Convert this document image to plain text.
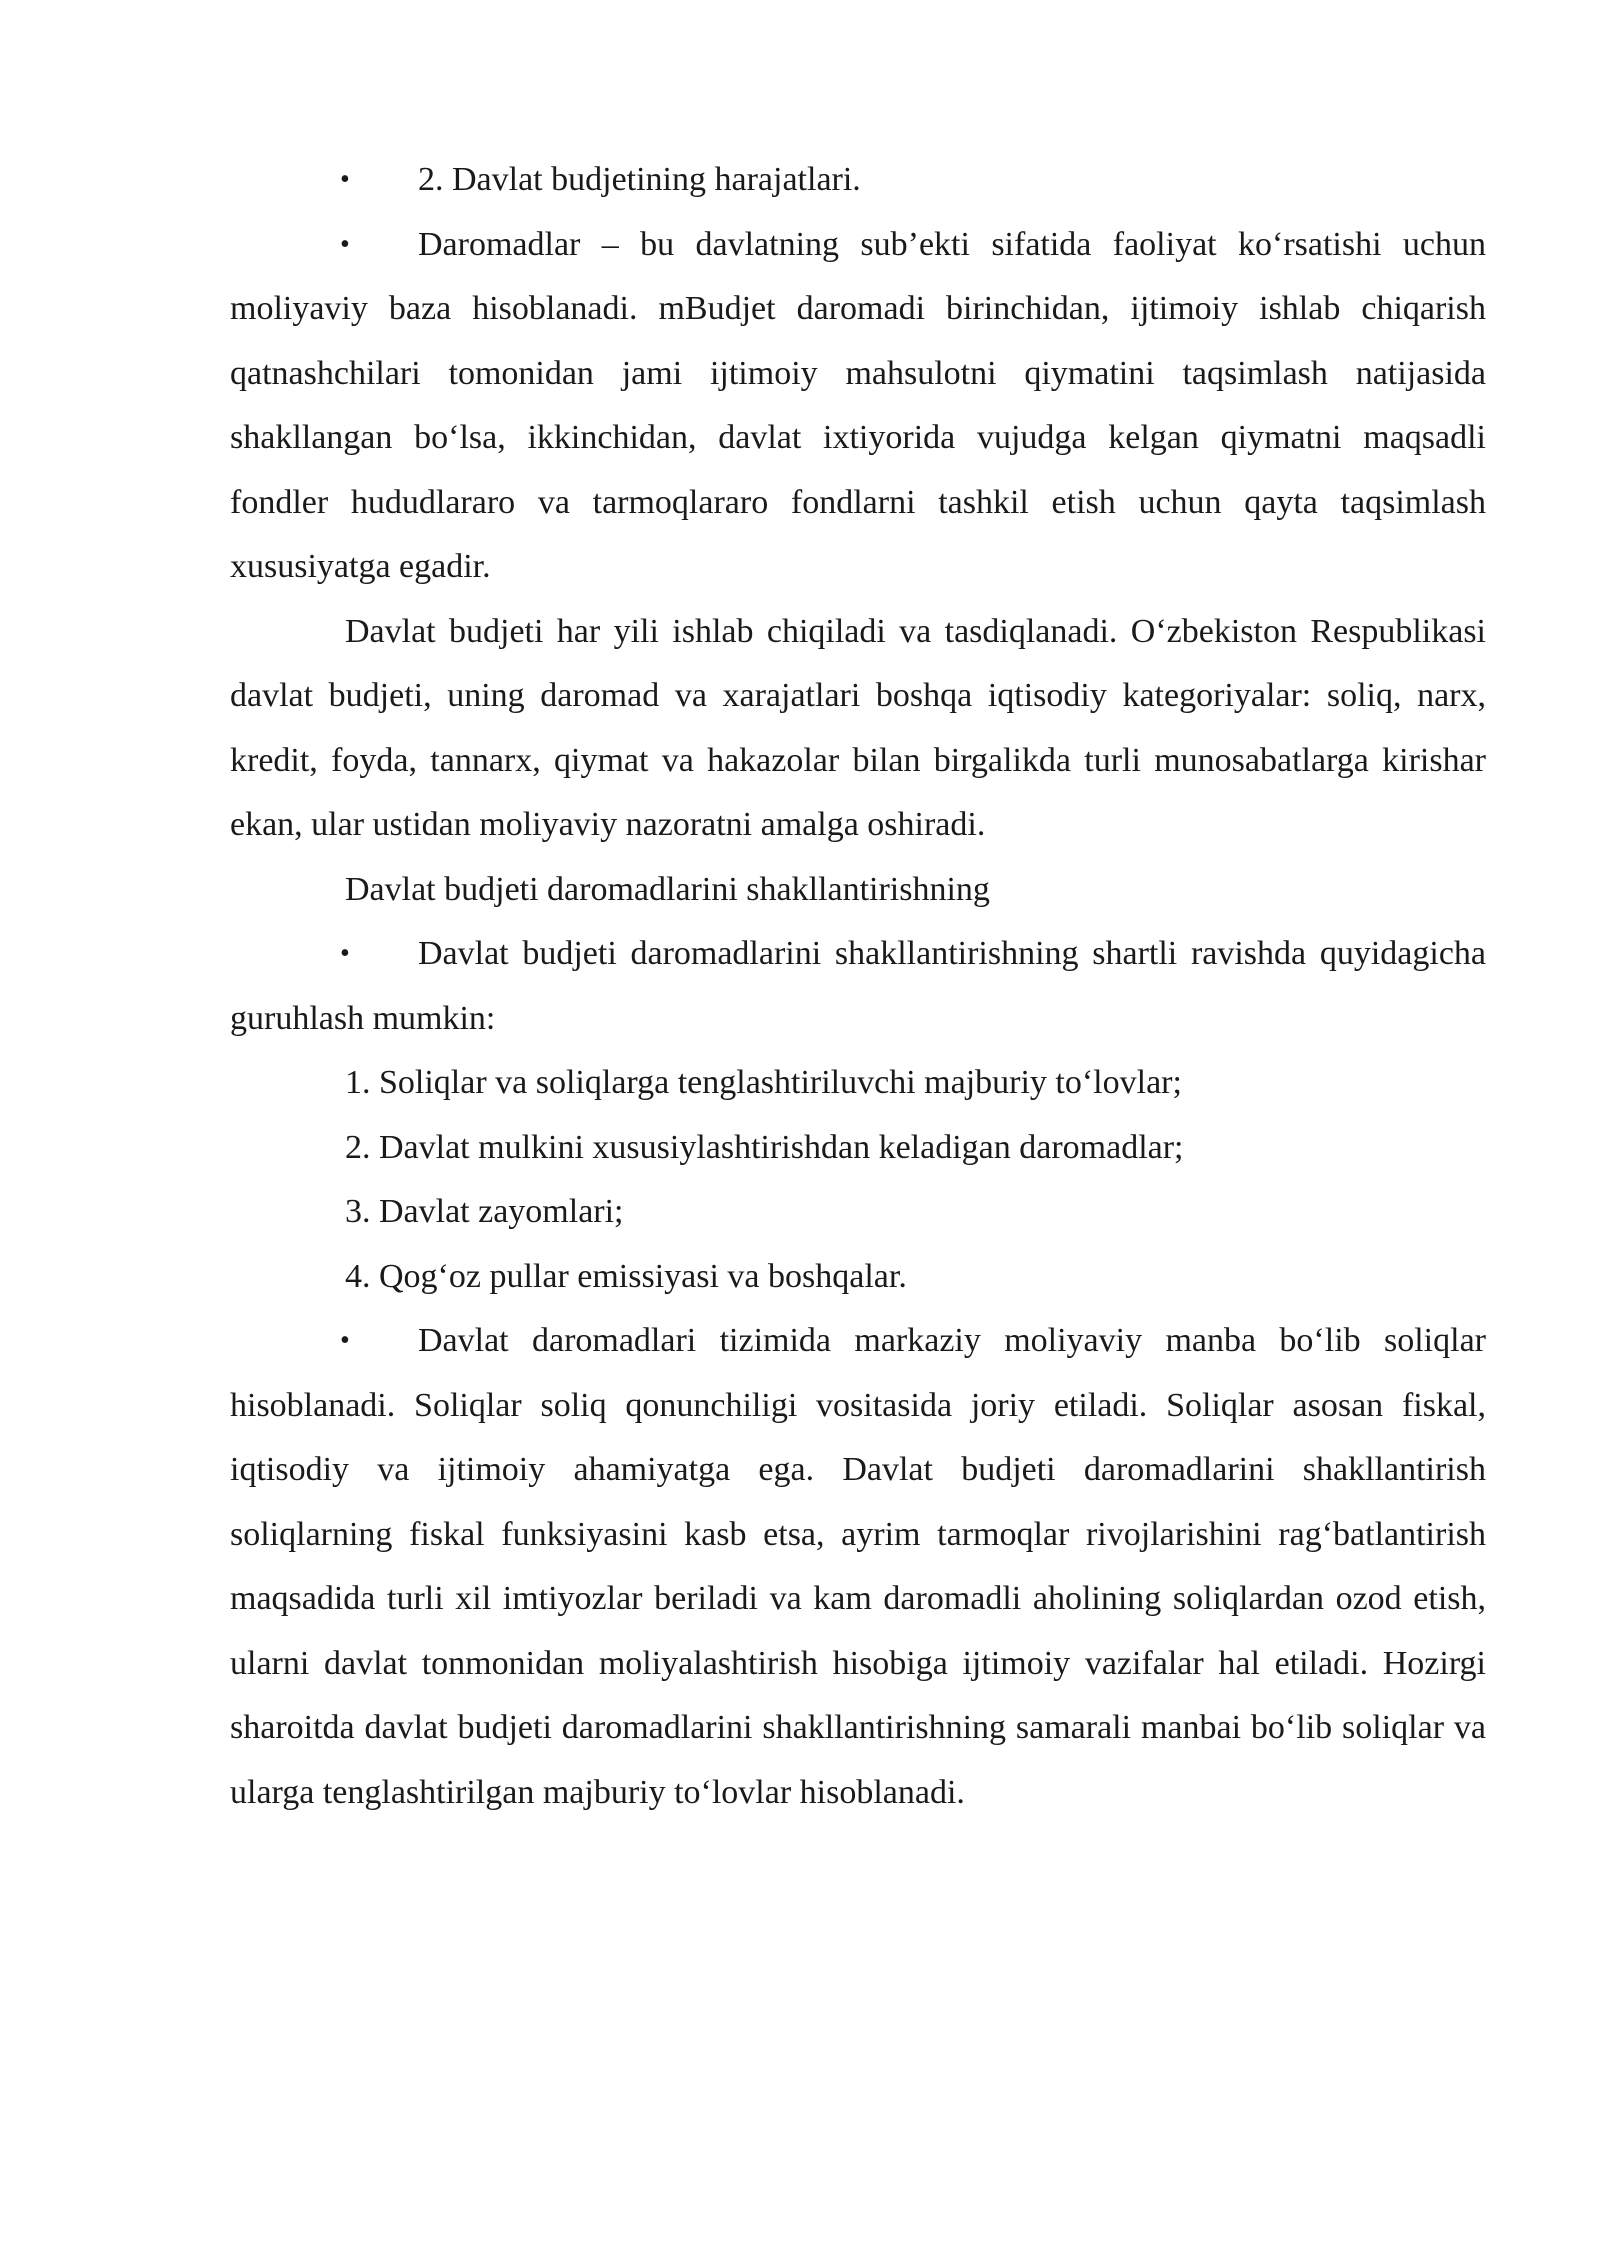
• 2. Davlat budjetining harajatlari.

• Daromadlar – bu davlatning sub’ekti sifatida faoliyat ko‘rsatishi uchun moliyaviy baza hisoblanadi. mBudjet daromadi birinchidan, ijtimoiy ishlab chiqarish qatnashchilari tomonidan jami ijtimoiy mahsulotni qiymatini taqsimlash natijasida shakllangan bo‘lsa, ikkinchidan, davlat ixtiyorida vujudga kelgan qiymatni maqsadli fondler hududlararo va tarmoqlararo fondlarni tashkil etish uchun qayta taqsimlash xususiyatga egadir.

Davlat budjeti har yili ishlab chiqiladi va tasdiqlanadi. O‘zbekiston Respublikasi davlat budjeti, uning daromad va xarajatlari boshqa iqtisodiy kategoriyalar: soliq, narx, kredit, foyda, tannarx, qiymat va hakazolar bilan birgalikda turli munosabatlarga kirishar ekan, ular ustidan moliyaviy nazoratni amalga oshiradi.

Davlat budjeti daromadlarini shakllantirishning

• Davlat budjeti daromadlarini shakllantirishning shartli ravishda quyidagicha guruhlash mumkin:

1. Soliqlar va soliqlarga tenglashtiriluvchi majburiy to‘lovlar;

2. Davlat mulkini xususiylashtirishdan keladigan daromadlar;

3. Davlat zayomlari;

4. Qog‘oz pullar emissiyasi va boshqalar.

• Davlat daromadlari tizimida markaziy moliyaviy manba bo‘lib soliqlar hisoblanadi. Soliqlar soliq qonunchiligi vositasida joriy etiladi. Soliqlar asosan fiskal, iqtisodiy va ijtimoiy ahamiyatga ega. Davlat budjeti daromadlarini shakllantirish soliqlarning fiskal funksiyasini kasb etsa, ayrim tarmoqlar rivojlarishini rag‘batlantirish maqsadida turli xil imtiyozlar beriladi va kam daromadli aholining soliqlardan ozod etish, ularni davlat tonmonidan moliyalashtirish hisobiga ijtimoiy vazifalar hal etiladi. Hozirgi sharoitda davlat budjeti daromadlarini shakllantirishning samarali manbai bo‘lib soliqlar va ularga tenglashtirilgan majburiy to‘lovlar hisoblanadi.
